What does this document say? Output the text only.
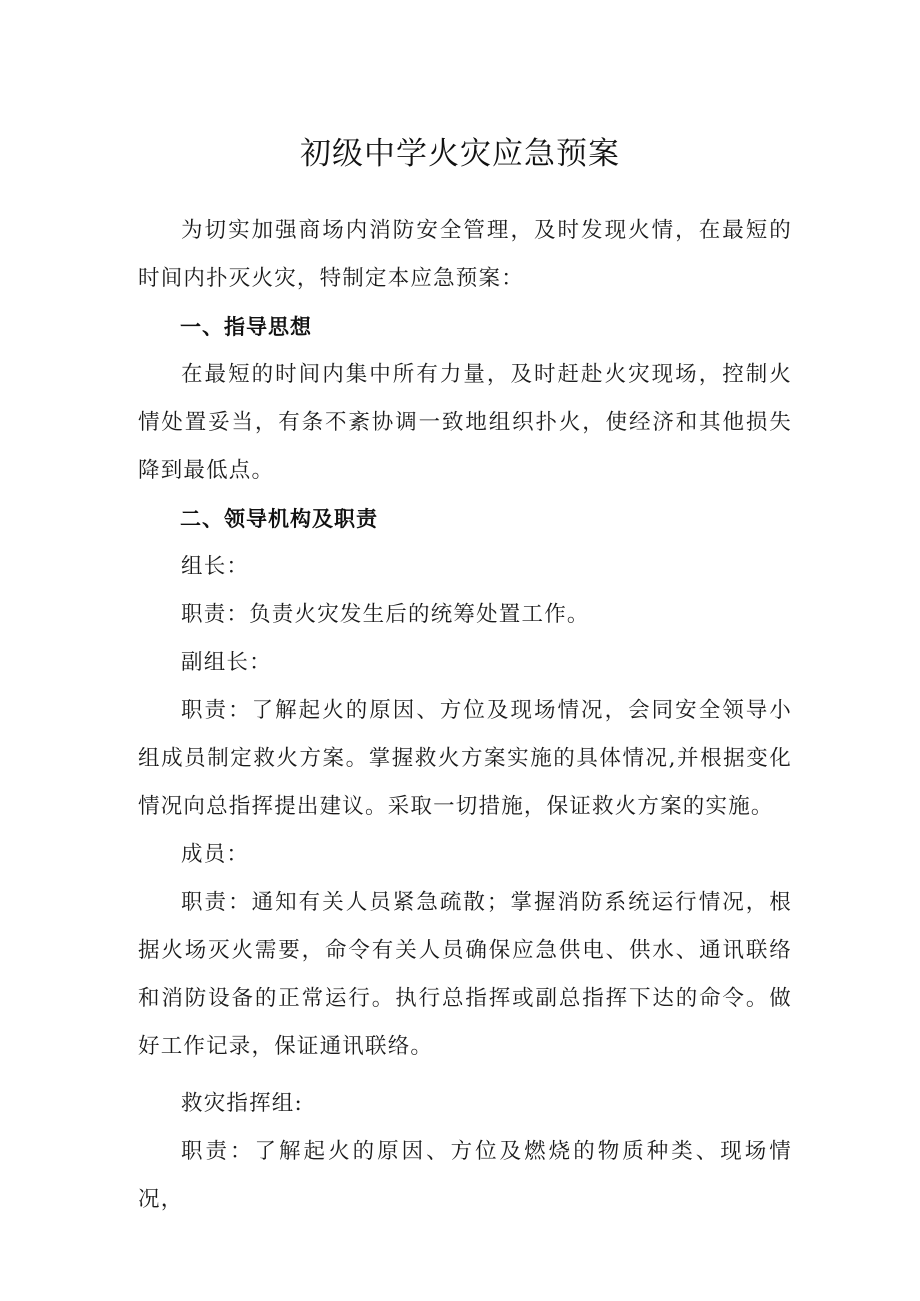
初级中学火灾应急预案

为切实加强商场内消防安全管理，及时发现火情，在最短的时间内扑灭火灾，特制定本应急预案：

一、指导思想

在最短的时间内集中所有力量，及时赶赴火灾现场，控制火情处置妥当，有条不紊协调一致地组织扑火，使经济和其他损失降到最低点。

二、领导机构及职责

组长：

职责：负责火灾发生后的统筹处置工作。

副组长：

职责：了解起火的原因、方位及现场情况，会同安全领导小组成员制定救火方案。掌握救火方案实施的具体情况,并根据变化情况向总指挥提出建议。采取一切措施，保证救火方案的实施。

成员：

职责：通知有关人员紧急疏散；掌握消防系统运行情况，根据火场灭火需要，命令有关人员确保应急供电、供水、通讯联络和消防设备的正常运行。执行总指挥或副总指挥下达的命令。做好工作记录，保证通讯联络。

救灾指挥组:

职责：了解起火的原因、方位及燃烧的物质种类、现场情况，
